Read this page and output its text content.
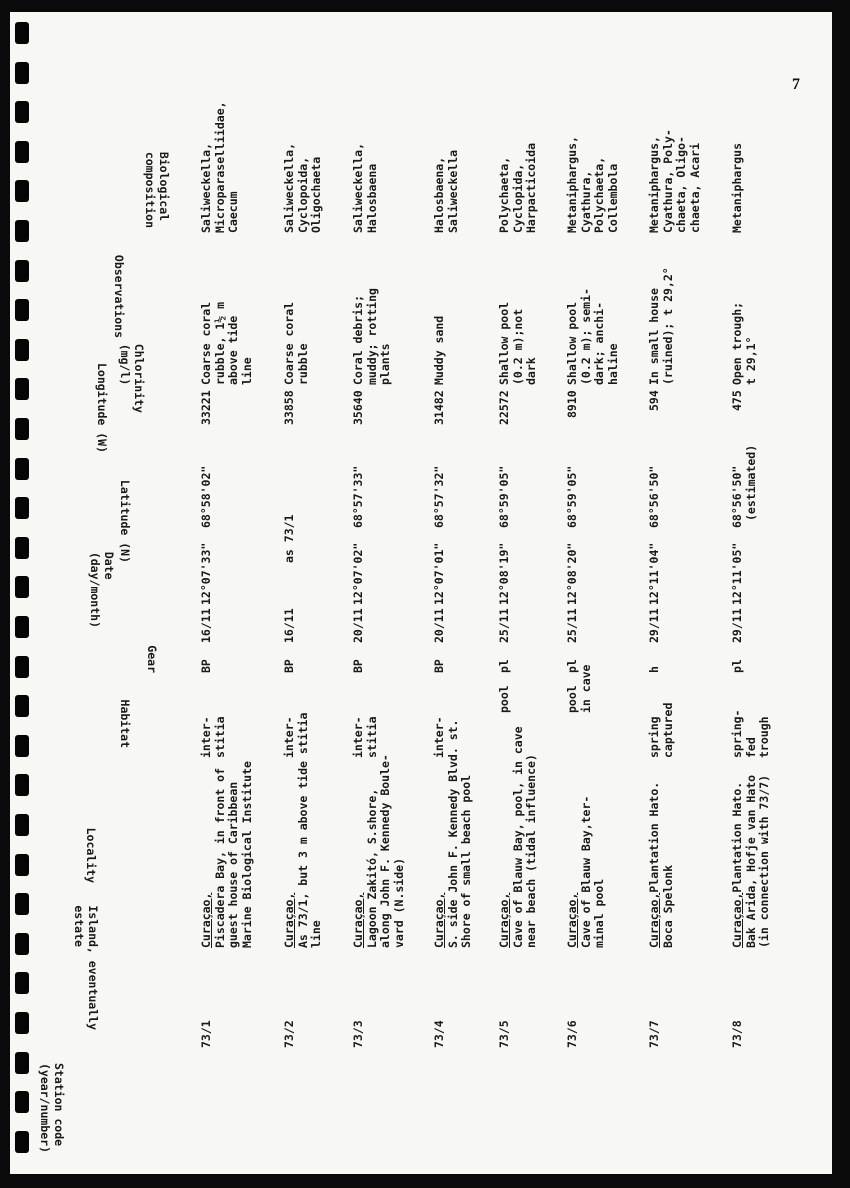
7
Station code
(year/number)
Island, eventually
estate
Locality
Habitat
Gear
Date
(day/month)
Latitude (N)
Longitude (W) Chlorinity
(mg/l)
Observations
Biological
composition
73/1
Curaçao, Piscadera Bay, in front of guest house of Caribbean Marine Biological Institute
inter- stitia
BP
16/11
12°07'33"
68°58'02"
33221
Coarse coral rubble, 1½ m above tide line
Saliweckella, Microparaselliidae, Caecum
73/2
Curaçao, As 73/1, but 3 m above tide stitia line
inter-
BP
16/11
as 73/1
33858
Coarse coral rubble
Saliweckella, Cyclopoida, Oligochaeta
73/3
Curaçao, Lagoon Zakitó, S.shore, along John F. Kennedy Boule- vard (N.side)
inter- stitia
BP
20/11
12°07'02"
68°57'33"
35640
Coral debris; muddy; rotting plants
Saliweckella, Halosbaena
73/4
Curaçao, S. side John F. Kennedy Blvd. st. Shore of small beach pool
inter-
BP
20/11
12°07'01"
68°57'32"
31482
Muddy sand
Halosbaena, Saliweckella
73/5
Curaçao, Cave of Blauw Bay, pool, in cave near beach (tidal influence)
pool
pl
25/11
12°08'19"
68°59'05"
22572
Shallow pool (0.2 m);not dark
Polychaeta, Cyclopida, Harpacticoida
73/6
Curaçao, Cave of Blauw Bay,ter- minal pool
pool in cave
pl
25/11
12°08'20"
68°59'05"
8910
Shallow pool (0.2 m); semi- dark; anchi- haline
Metaniphargus, Cyathura, Polychaeta, Collembola
73/7
Curaçao,Plantation Hato.
Boca Spelonk
spring captured
h
29/11
12°11'04"
68°56'50"
594
In small house (ruined); t 29,2°
Metaniphargus, Cyathura, Poly- chaeta, Oligo- chaeta, Acari
73/8
Curaçao,Plantation Hato. Bak Arida, Hofje van Hato (in connection with 73/7)
spring- fed trough
pl
29/11
12°11'05"
68°56'50" (estimated)
475
Open trough; t 29,1°
Metaniphargus
